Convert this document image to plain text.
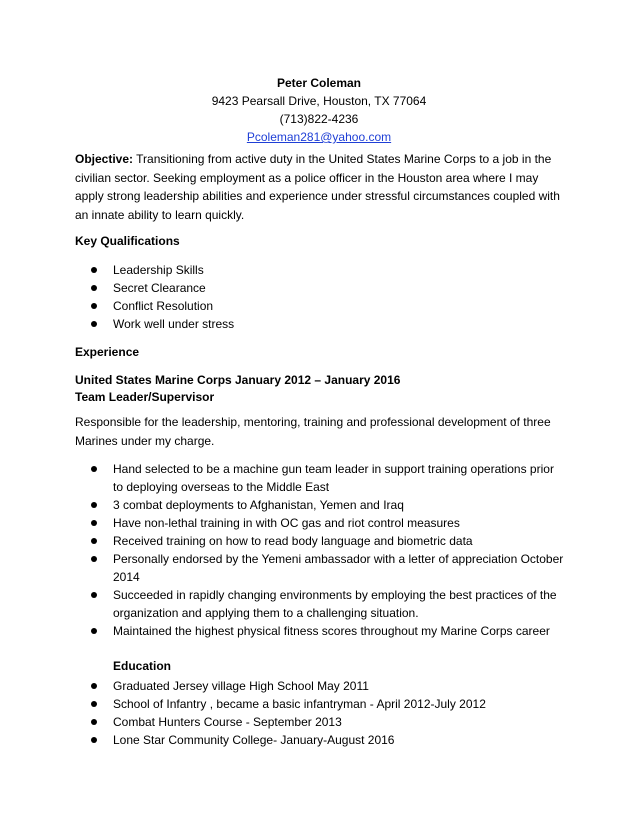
Peter Coleman
9423 Pearsall Drive, Houston, TX 77064
(713)822-4236
Pcoleman281@yahoo.com
Objective: Transitioning from active duty in the United States Marine Corps to a job in the civilian sector. Seeking employment as a police officer in the Houston area where I may apply strong leadership abilities and experience under stressful circumstances coupled with an innate ability to learn quickly.
Key Qualifications
Leadership Skills
Secret Clearance
Conflict Resolution
Work well under stress
Experience
United States Marine Corps January 2012 – January 2016
Team Leader/Supervisor
Responsible for the leadership, mentoring, training and professional development of three Marines under my charge.
Hand selected to be a machine gun team leader in support training operations prior to deploying overseas to the Middle East
3 combat deployments to Afghanistan, Yemen and Iraq
Have non-lethal training in with OC gas and riot control measures
Received training on how to read body language and biometric data
Personally endorsed by the Yemeni ambassador with a letter of appreciation October 2014
Succeeded in rapidly changing environments by employing the best practices of the organization and applying them to a challenging situation.
Maintained the highest physical fitness scores throughout my Marine Corps career
Education
Graduated Jersey village High School May 2011
School of Infantry , became a basic infantryman - April 2012-July 2012
Combat Hunters Course - September 2013
Lone Star Community College- January-August 2016
